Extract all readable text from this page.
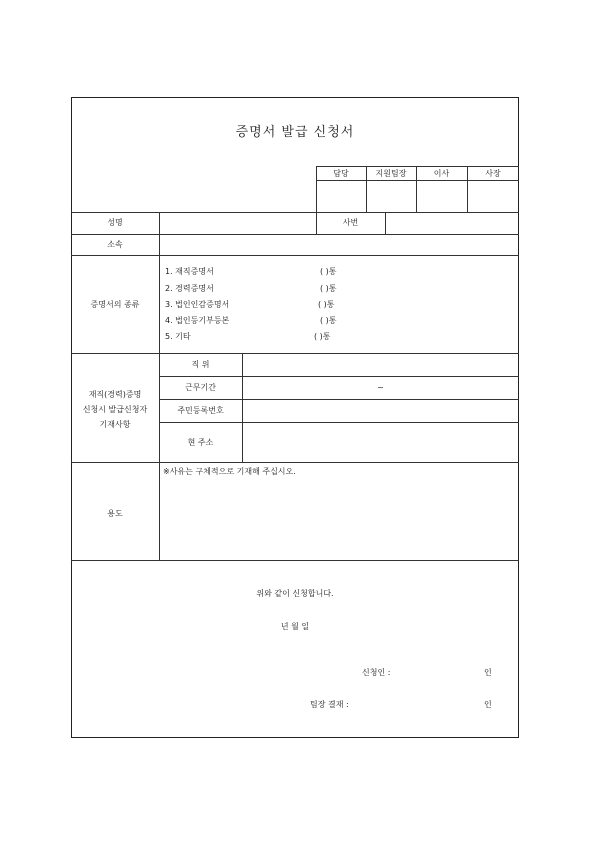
증명서 발급 신청서
담당	지원팀장	이사	사장
성명	사번
소속
증명서의 종류
1. 재직증명서	( )통
2. 경력증명서	( )통
3. 법인인감증명서	( )통
4. 법인등기부등본	( )통
5. 기타	( )통
재직(경력)증명
신청시 발급신청자
기재사항
직 위
근무기간	~
주민등록번호
현 주소
용도
※사유는 구체적으로 기재해 주십시오.
위와 같이 신청합니다.
년 월 일
신청인 :	인
팀장 결재 :	인
